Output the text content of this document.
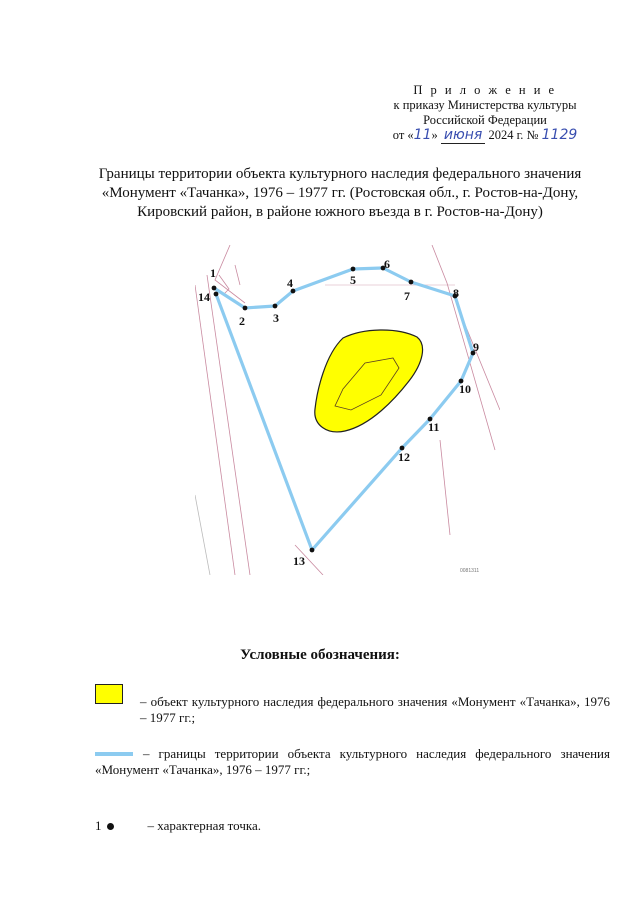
П р и л о ж е н и е
к приказу Министерства культуры
Российской Федерации
от «11» июня 2024 г. № 1129
Границы территории объекта культурного наследия федерального значения
«Монумент «Тачанка», 1976 – 1977 гг. (Ростовская обл., г. Ростов-на-Дону,
Кировский район, в районе южного въезда в г. Ростов-на-Дону)
1
2 3
4	5
6
7	8
9
10
11
12
13
14
0081311
Условные обозначения:
– объект культурного наследия федерального значения «Монумент «Тачанка», 1976 – 1977 гг.;
– границы территории объекта культурного наследия федерального значения «Монумент «Тачанка», 1976 – 1977 гг.;
1	– характерная точка.
